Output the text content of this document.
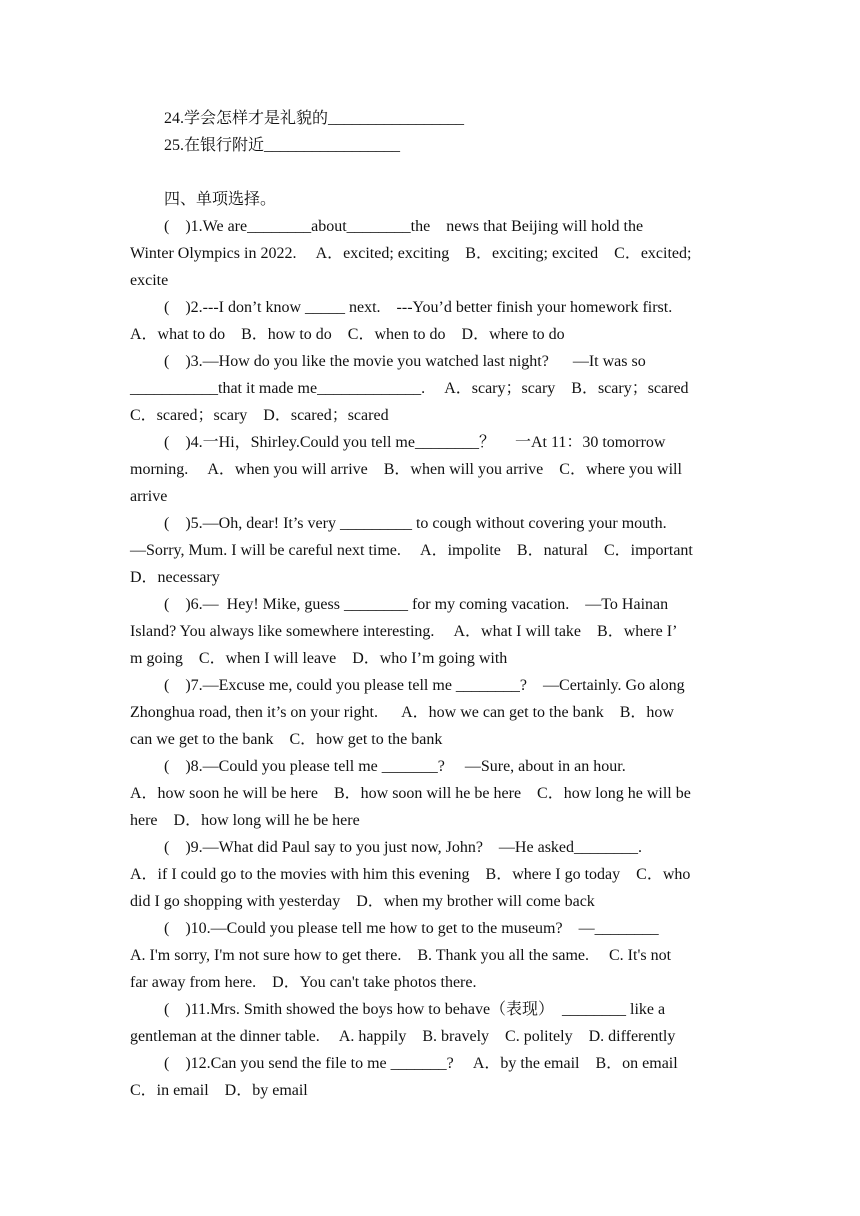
24.学会怎样才是礼貌的_________________

25.在银行附近_________________

四、单项选择。

(    )1.We are________about________the    news that Beijing will hold the

Winter Olympics in 2022.     A．excited; exciting    B．exciting; excited    C．excited;

excite

(    )2.---I don’t know _____ next.    ---You’d better finish your homework first.

A．what to do    B．how to do    C．when to do    D．where to do

(    )3.—How do you like the movie you watched last night?      —It was so

___________that it made me_____________.     A．scary；scary    B．scary；scared

C．scared；scary    D．scared；scared

(    )4.一Hi，Shirley.Could you tell me________？     一At 11：30 tomorrow

morning.     A．when you will arrive    B．when will you arrive    C．where you will

arrive

(    )5.—Oh, dear! It’s very _________ to cough without covering your mouth.

—Sorry, Mum. I will be careful next time.     A．impolite    B．natural    C．important

D．necessary

(    )6.—  Hey! Mike, guess ________ for my coming vacation.    —To Hainan

Island? You always like somewhere interesting.     A．what I will take    B．where I’

m going    C．when I will leave    D．who I’m going with

(    )7.—Excuse me, could you please tell me ________?    —Certainly. Go along

Zhonghua road, then it’s on your right.      A．how we can get to the bank    B．how

can we get to the bank    C．how get to the bank

(    )8.—Could you please tell me _______?     —Sure, about in an hour.

A．how soon he will be here    B．how soon will he be here    C．how long he will be

here    D．how long will he be here

(    )9.—What did Paul say to you just now, John?    —He asked________.

A．if I could go to the movies with him this evening    B．where I go today    C．who

did I go shopping with yesterday    D．when my brother will come back

(    )10.—Could you please tell me how to get to the museum?    —________

A. I'm sorry, I'm not sure how to get there.    B. Thank you all the same.     C. It's not

far away from here.    D．You can't take photos there.

(    )11.Mrs. Smith showed the boys how to behave（表现）  ________ like a

gentleman at the dinner table.     A. happily    B. bravely    C. politely    D. differently

(    )12.Can you send the file to me _______?     A．by the email    B．on email

C．in email    D．by email
